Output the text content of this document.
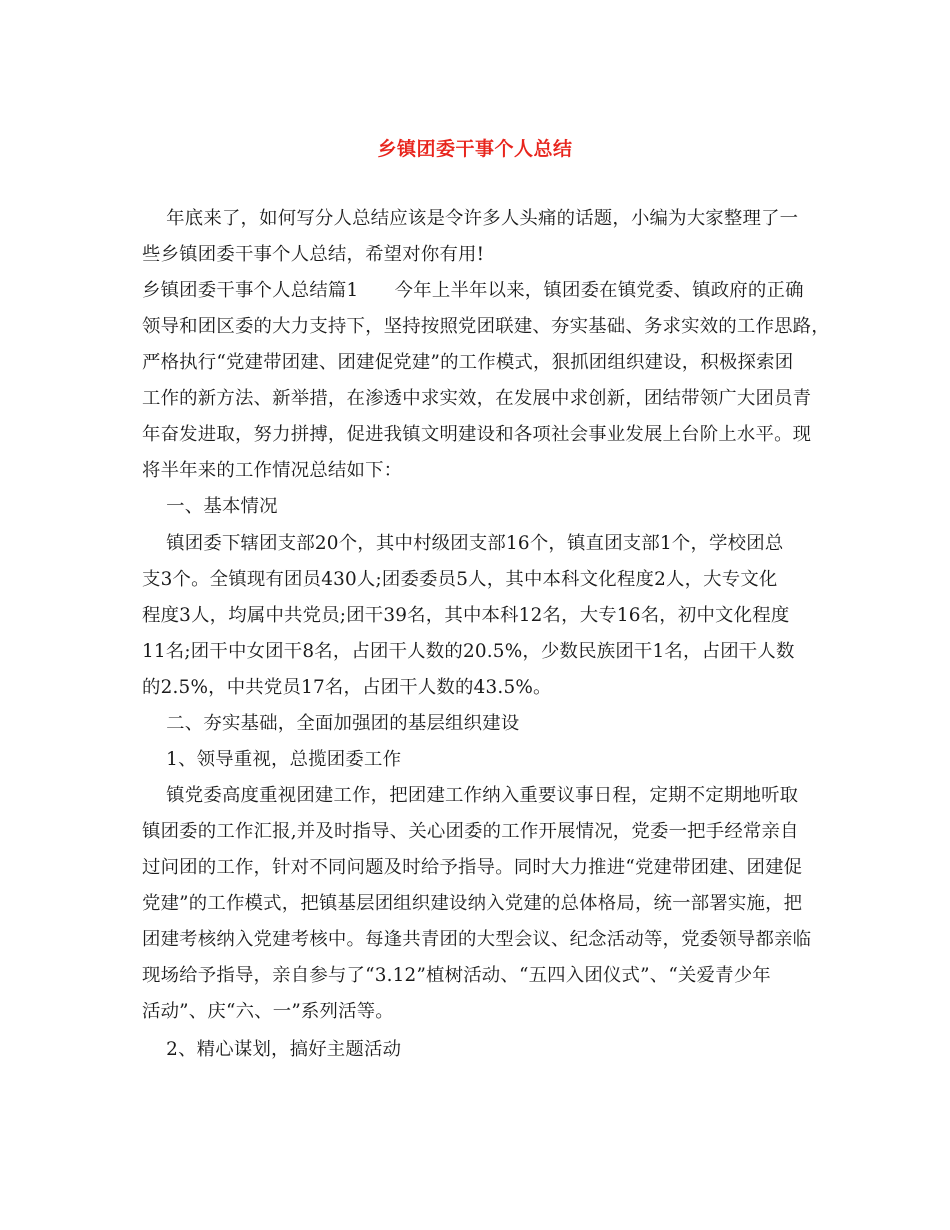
乡镇团委干事个人总结
年底来了，如何写分人总结应该是令许多人头痛的话题，小编为大家整理了一
些乡镇团委干事个人总结，希望对你有用!
乡镇团委干事个人总结篇1      今年上半年以来，镇团委在镇党委、镇政府的正确
领导和团区委的大力支持下，坚持按照党团联建、夯实基础、务求实效的工作思路，
严格执行“党建带团建、团建促党建”的工作模式，狠抓团组织建设，积极探索团
工作的新方法、新举措，在渗透中求实效，在发展中求创新，团结带领广大团员青
年奋发进取，努力拼搏，促进我镇文明建设和各项社会事业发展上台阶上水平。现
将半年来的工作情况总结如下：
一、基本情况
镇团委下辖团支部20个，其中村级团支部16个，镇直团支部1个，学校团总
支3个。全镇现有团员430人;团委委员5人，其中本科文化程度2人，大专文化
程度3人，均属中共党员;团干39名，其中本科12名，大专16名，初中文化程度
11名;团干中女团干8名，占团干人数的20.5%，少数民族团干1名，占团干人数
的2.5%，中共党员17名，占团干人数的43.5%。
二、夯实基础，全面加强团的基层组织建设
1、领导重视，总揽团委工作
镇党委高度重视团建工作，把团建工作纳入重要议事日程，定期不定期地听取
镇团委的工作汇报,并及时指导、关心团委的工作开展情况，党委一把手经常亲自
过问团的工作，针对不同问题及时给予指导。同时大力推进“党建带团建、团建促
党建”的工作模式，把镇基层团组织建设纳入党建的总体格局，统一部署实施，把
团建考核纳入党建考核中。每逢共青团的大型会议、纪念活动等，党委领导都亲临
现场给予指导，亲自参与了“3.12”植树活动、“五四入团仪式”、“关爱青少年
活动”、庆“六、一”系列活等。
2、精心谋划，搞好主题活动
